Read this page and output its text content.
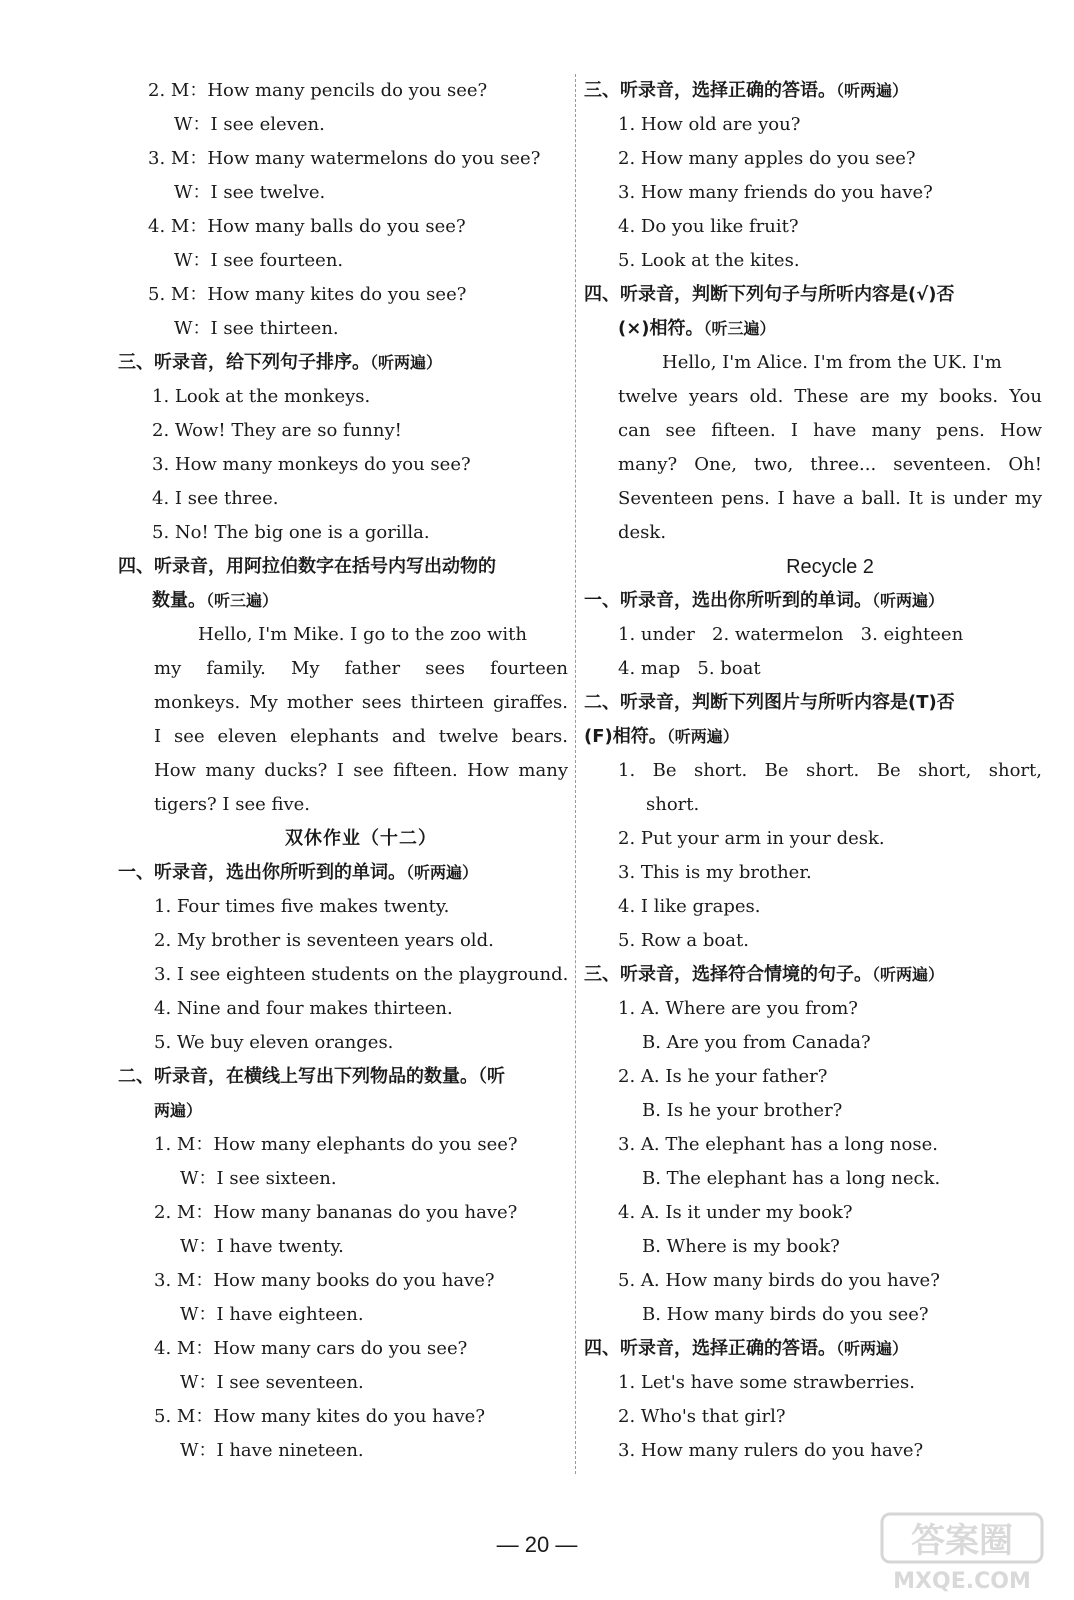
2. M：How many pencils do you see?
W：I see eleven.
3. M：How many watermelons do you see?
W：I see twelve.
4. M：How many balls do you see?
W：I see fourteen.
5. M：How many kites do you see?
W：I see thirteen.
三、听录音，给下列句子排序。（听两遍）
1. Look at the monkeys.
2. Wow! They are so funny!
3. How many monkeys do you see?
4. I see three.
5. No! The big one is a gorilla.
四、听录音，用阿拉伯数字在括号内写出动物的
数量。（听三遍）
Hello, I'm Mike. I go to the zoo with
my family. My father sees fourteen
monkeys. My mother sees thirteen giraffes.
I see eleven elephants and twelve bears.
How many ducks? I see fifteen. How many
tigers? I see five.
双休作业（十二）
一、听录音，选出你所听到的单词。（听两遍）
1. Four times five makes twenty.
2. My brother is seventeen years old.
3. I see eighteen students on the playground.
4. Nine and four makes thirteen.
5. We buy eleven oranges.
二、听录音，在横线上写出下列物品的数量。（听
两遍）
1. M：How many elephants do you see?
W：I see sixteen.
2. M：How many bananas do you have?
W：I have twenty.
3. M：How many books do you have?
W：I have eighteen.
4. M：How many cars do you see?
W：I see seventeen.
5. M：How many kites do you have?
W：I have nineteen.
三、听录音，选择正确的答语。（听两遍）
1. How old are you?
2. How many apples do you see?
3. How many friends do you have?
4. Do you like fruit?
5. Look at the kites.
四、听录音，判断下列句子与所听内容是(√)否
(×)相符。（听三遍）
Hello, I'm Alice. I'm from the UK. I'm
twelve years old. These are my books. You
can see fifteen. I have many pens. How
many? One, two, three... seventeen. Oh!
Seventeen pens. I have a ball. It is under my
desk.
Recycle 2
一、听录音，选出你所听到的单词。（听两遍）
1. under   2. watermelon   3. eighteen
4. map   5. boat
二、听录音，判断下列图片与所听内容是(T)否
(F)相符。（听两遍）
1. Be short. Be short. Be short, short,
short.
2. Put your arm in your desk.
3. This is my brother.
4. I like grapes.
5. Row a boat.
三、听录音，选择符合情境的句子。（听两遍）
1. A. Where are you from?
B. Are you from Canada?
2. A. Is he your father?
B. Is he your brother?
3. A. The elephant has a long nose.
B. The elephant has a long neck.
4. A. Is it under my book?
B. Where is my book?
5. A. How many birds do you have?
B. How many birds do you see?
四、听录音，选择正确的答语。（听两遍）
1. Let's have some strawberries.
2. Who's that girl?
3. How many rulers do you have?
— 20 —	答案圈
MXQE.COM
